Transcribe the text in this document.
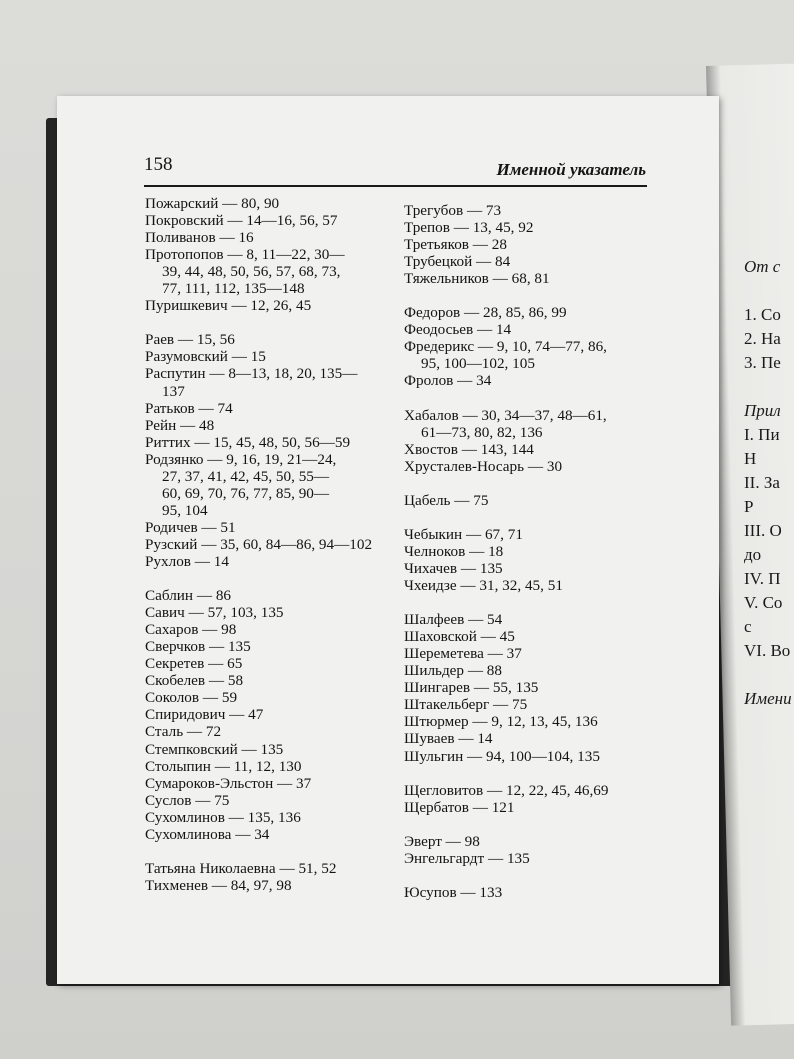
От с

1. Со
2. На
3. Пе

Прил
I. Пи
Н
II. За
Р
III. О
до
IV. П
V. Со
с
VI. Во

Имени
158	Именной указатель
Пожарский — 80, 90
Покровский — 14—16, 56, 57
Поливанов — 16
Протопопов — 8, 11—22, 30—
39, 44, 48, 50, 56, 57, 68, 73,
77, 111, 112, 135—148
Пуришкевич — 12, 26, 45
Раев — 15, 56
Разумовский — 15
Распутин — 8—13, 18, 20, 135—
137
Ратьков — 74
Рейн — 48
Риттих — 15, 45, 48, 50, 56—59
Родзянко — 9, 16, 19, 21—24,
27, 37, 41, 42, 45, 50, 55—
60, 69, 70, 76, 77, 85, 90—
95, 104
Родичев — 51
Рузский — 35, 60, 84—86, 94—102
Рухлов — 14
Саблин — 86
Савич — 57, 103, 135
Сахаров — 98
Сверчков — 135
Секретев — 65
Скобелев — 58
Соколов — 59
Спиридович — 47
Сталь — 72
Стемпковский — 135
Столыпин — 11, 12, 130
Сумароков-Эльстон — 37
Суслов — 75
Сухомлинов — 135, 136
Сухомлинова — 34
Татьяна Николаевна — 51, 52
Тихменев — 84, 97, 98
Трегубов — 73
Трепов — 13, 45, 92
Третьяков — 28
Трубецкой — 84
Тяжельников — 68, 81
Федоров — 28, 85, 86, 99
Феодосьев — 14
Фредерикс — 9, 10, 74—77, 86,
95, 100—102, 105
Фролов — 34
Хабалов — 30, 34—37, 48—61,
61—73, 80, 82, 136
Хвостов — 143, 144
Хрусталев-Носарь — 30
Цабель — 75
Чебыкин — 67, 71
Челноков — 18
Чихачев — 135
Чхеидзе — 31, 32, 45, 51
Шалфеев — 54
Шаховской — 45
Шереметева — 37
Шильдер — 88
Шингарев — 55, 135
Штакельберг — 75
Штюрмер — 9, 12, 13, 45, 136
Шуваев — 14
Шульгин — 94, 100—104, 135
Щегловитов — 12, 22, 45, 46,69
Щербатов — 121
Эверт — 98
Энгельгардт — 135
Юсупов — 133
